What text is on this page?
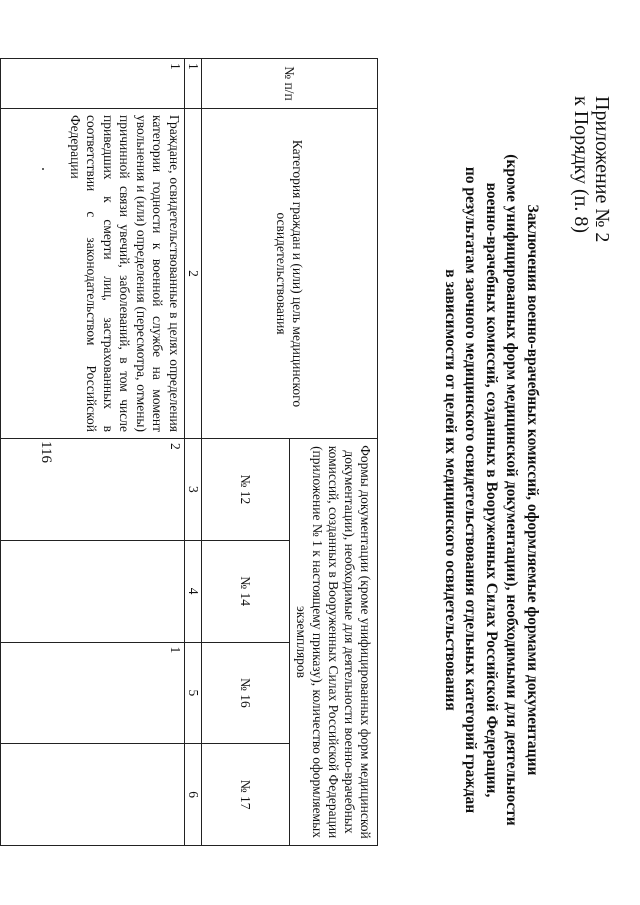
116
Приложение № 2
к Порядку (п. 8)
Заключения военно-врачебных комиссий, оформляемые формами документации
(кроме унифицированных форм медицинской документации), необходимыми для деятельности
военно-врачебных комиссий, созданных в Вооруженных Силах Российской Федерации,
по результатам заочного медицинского освидетельствования отдельных категорий граждан
в зависимости от целей их медицинского освидетельствования
№ п/п	Категория граждан и (или) цель медицинского освидетельствования	Формы документации (кроме унифицированных форм медицинской документации), необходимые для деятельности военно-врачебных комиссий, созданных в Вооруженных Силах Российской Федерации (приложение № 1 к настоящему приказу), количество оформляемых экземпляров			
		№ 12	№ 14	№ 16	№ 17
1	2	3	4	5	6
1	Граждане, освидетельствованные в целях определения категории годности к военной службе на момент увольнения и (или) определения (пересмотра, отмены) причинной связи увечий, заболеваний, в том числе приведших к смерти лиц, застрахованных в соответствии с законодательством Российской Федерации	2		1	
